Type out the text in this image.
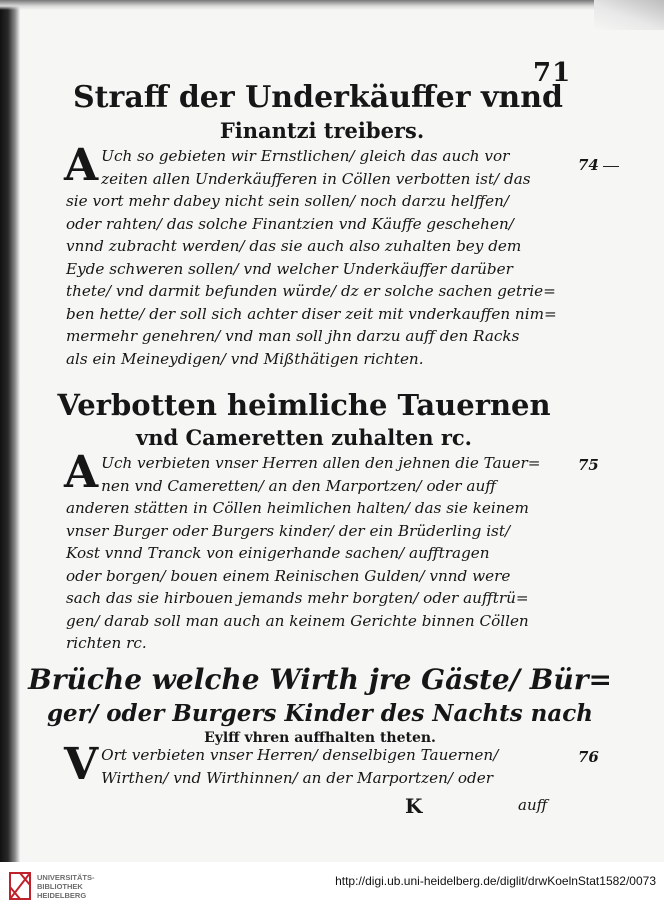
71
Straff der Underkäuffer vnnd
Finantzi treibers.
74
A Uch so gebieten wir Ernstlichen/ gleich das auch vor
zeiten allen Underkäufferen in Cöllen verbotten ist/ das
sie vort mehr dabey nicht sein sollen/ noch darzu helffen/
oder rahten/ das solche Finantzien vnd Käuffe geschehen/
vnnd zubracht werden/ das sie auch also zuhalten bey dem
Eyde schweren sollen/ vnd welcher Underkäuffer darüber
thete/ vnd darmit befunden würde/ dz er solche sachen getrie=
ben hette/ der soll sich achter diser zeit mit vnderkauffen nim=
mermehr genehren/ vnd man soll jhn darzu auff den Racks
als ein Meineydigen/ vnd Mißthätigen richten.
Verbotten heimliche Tauernen
vnd Cameretten zuhalten rc.
75
A Uch verbieten vnser Herren allen den jehnen die Tauer=
nen vnd Cameretten/ an den Marportzen/ oder auff
anderen stätten in Cöllen heimlichen halten/ das sie keinem
vnser Burger oder Burgers kinder/ der ein Brüderling ist/
Kost vnnd Tranck von einigerhande sachen/ aufftragen
oder borgen/ bouen einem Reinischen Gulden/ vnnd were
sach das sie hirbouen jemands mehr borgten/ oder aufftrü=
gen/ darab soll man auch an keinem Gerichte binnen Cöllen
richten rc.
Brüche welche Wirth jre Gäste/ Bür=
ger/ oder Burgers Kinder des Nachts nach
Eylff vhren auffhalten theten.
76
V Ort verbieten vnser Herren/ denselbigen Tauernen/
Wirthen/ vnd Wirthinnen/ an der Marportzen/ oder
K	auff
UNIVERSITÄTS-
BIBLIOTHEK
HEIDELBERG
http://digi.ub.uni-heidelberg.de/diglit/drwKoelnStat1582/0073
